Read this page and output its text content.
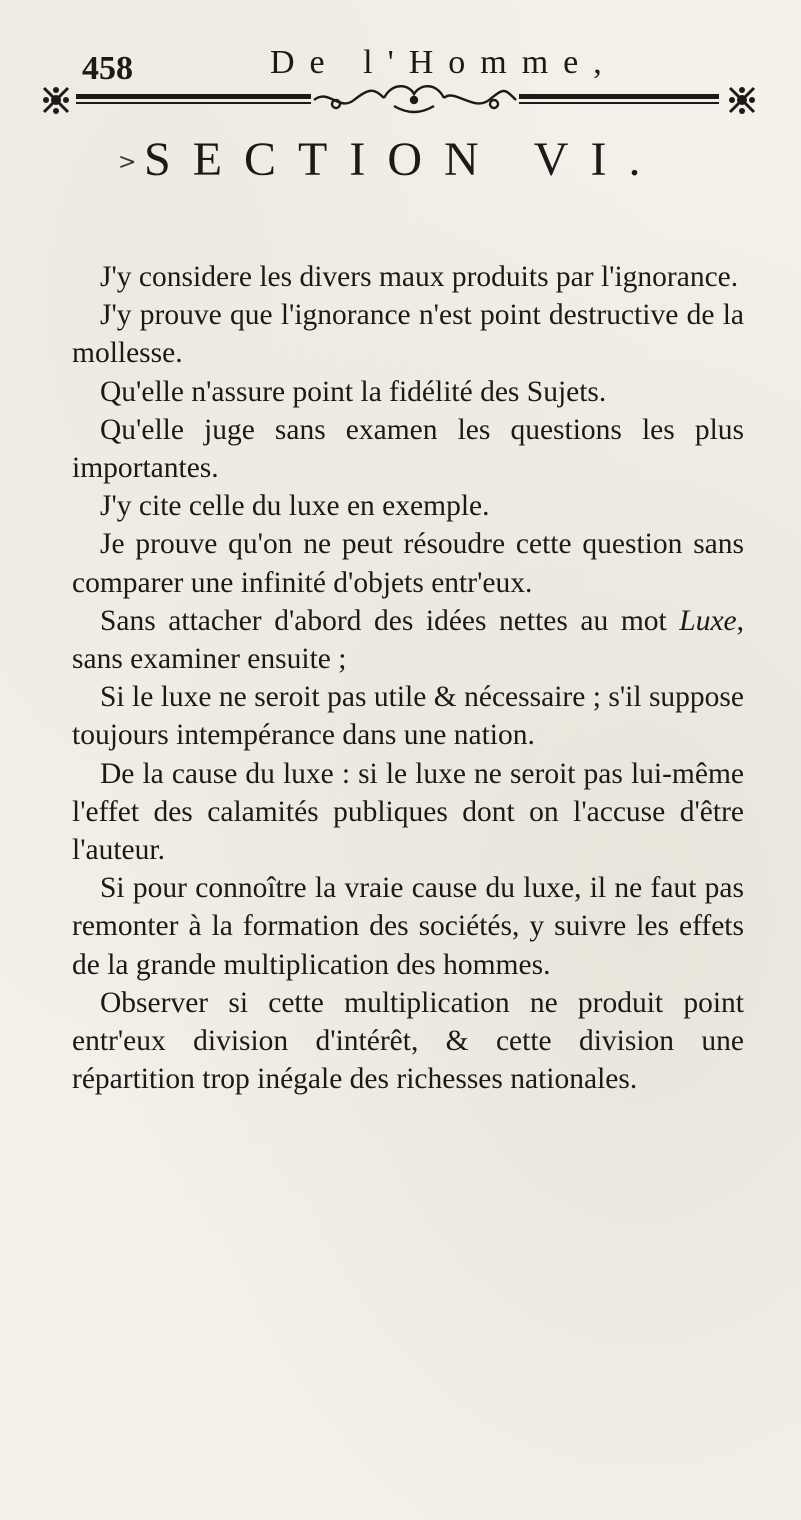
458	De l'Homme,
> SECTION VI.

J'y considere les divers maux produits par l'ignorance.

J'y prouve que l'ignorance n'est point destructive de la mollesse.

Qu'elle n'assure point la fidélité des Sujets.

Qu'elle juge sans examen les questions les plus importantes.

J'y cite celle du luxe en exemple.

Je prouve qu'on ne peut résoudre cette question sans comparer une infinité d'objets entr'eux.

Sans attacher d'abord des idées nettes au mot Luxe, sans examiner ensuite ;

Si le luxe ne seroit pas utile & nécessaire ; s'il suppose toujours intempérance dans une nation.

De la cause du luxe : si le luxe ne seroit pas lui-même l'effet des calamités publiques dont on l'accuse d'être l'auteur.

Si pour connoître la vraie cause du luxe, il ne faut pas remonter à la formation des sociétés, y suivre les effets de la grande multiplication des hommes.

Observer si cette multiplication ne produit point entr'eux division d'intérêt, & cette division une répartition trop inégale des richesses nationales.
